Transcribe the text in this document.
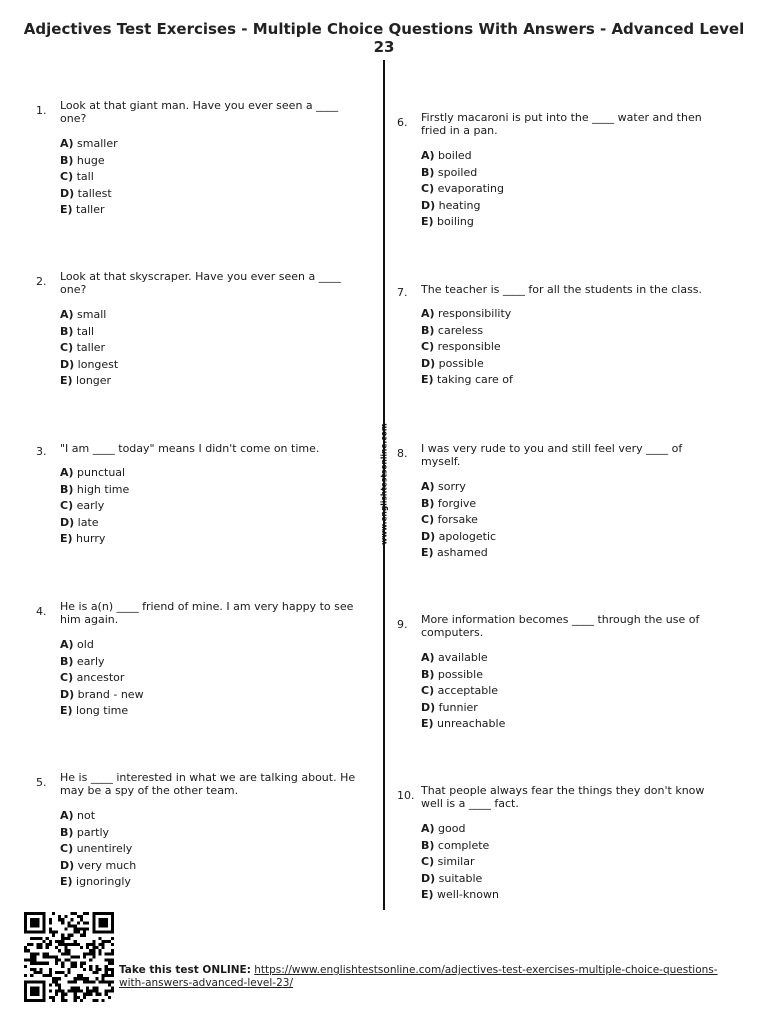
Adjectives Test Exercises - Multiple Choice Questions With Answers - Advanced Level 23
www.englishtestsonline.com
1. Look at that giant man. Have you ever seen a ____ one?
A) smaller
B) huge
C) tall
D) tallest
E) taller
2. Look at that skyscraper. Have you ever seen a ____ one?
A) small
B) tall
C) taller
D) longest
E) longer
3. "I am ____ today" means I didn't come on time.
A) punctual
B) high time
C) early
D) late
E) hurry
4. He is a(n) ____ friend of mine. I am very happy to see him again.
A) old
B) early
C) ancestor
D) brand - new
E) long time
5. He is ____ interested in what we are talking about. He may be a spy of the other team.
A) not
B) partly
C) unentirely
D) very much
E) ignoringly
6. Firstly macaroni is put into the ____ water and then fried in a pan.
A) boiled
B) spoiled
C) evaporating
D) heating
E) boiling
7. The teacher is ____ for all the students in the class.
A) responsibility
B) careless
C) responsible
D) possible
E) taking care of
8. I was very rude to you and still feel very ____ of myself.
A) sorry
B) forgive
C) forsake
D) apologetic
E) ashamed
9. More information becomes ____ through the use of computers.
A) available
B) possible
C) acceptable
D) funnier
E) unreachable
10. That people always fear the things they don't know well is a ____ fact.
A) good
B) complete
C) similar
D) suitable
E) well-known
Take this test ONLINE: https://www.englishtestsonline.com/adjectives-test-exercises-multiple-choice-questions-with-answers-advanced-level-23/
